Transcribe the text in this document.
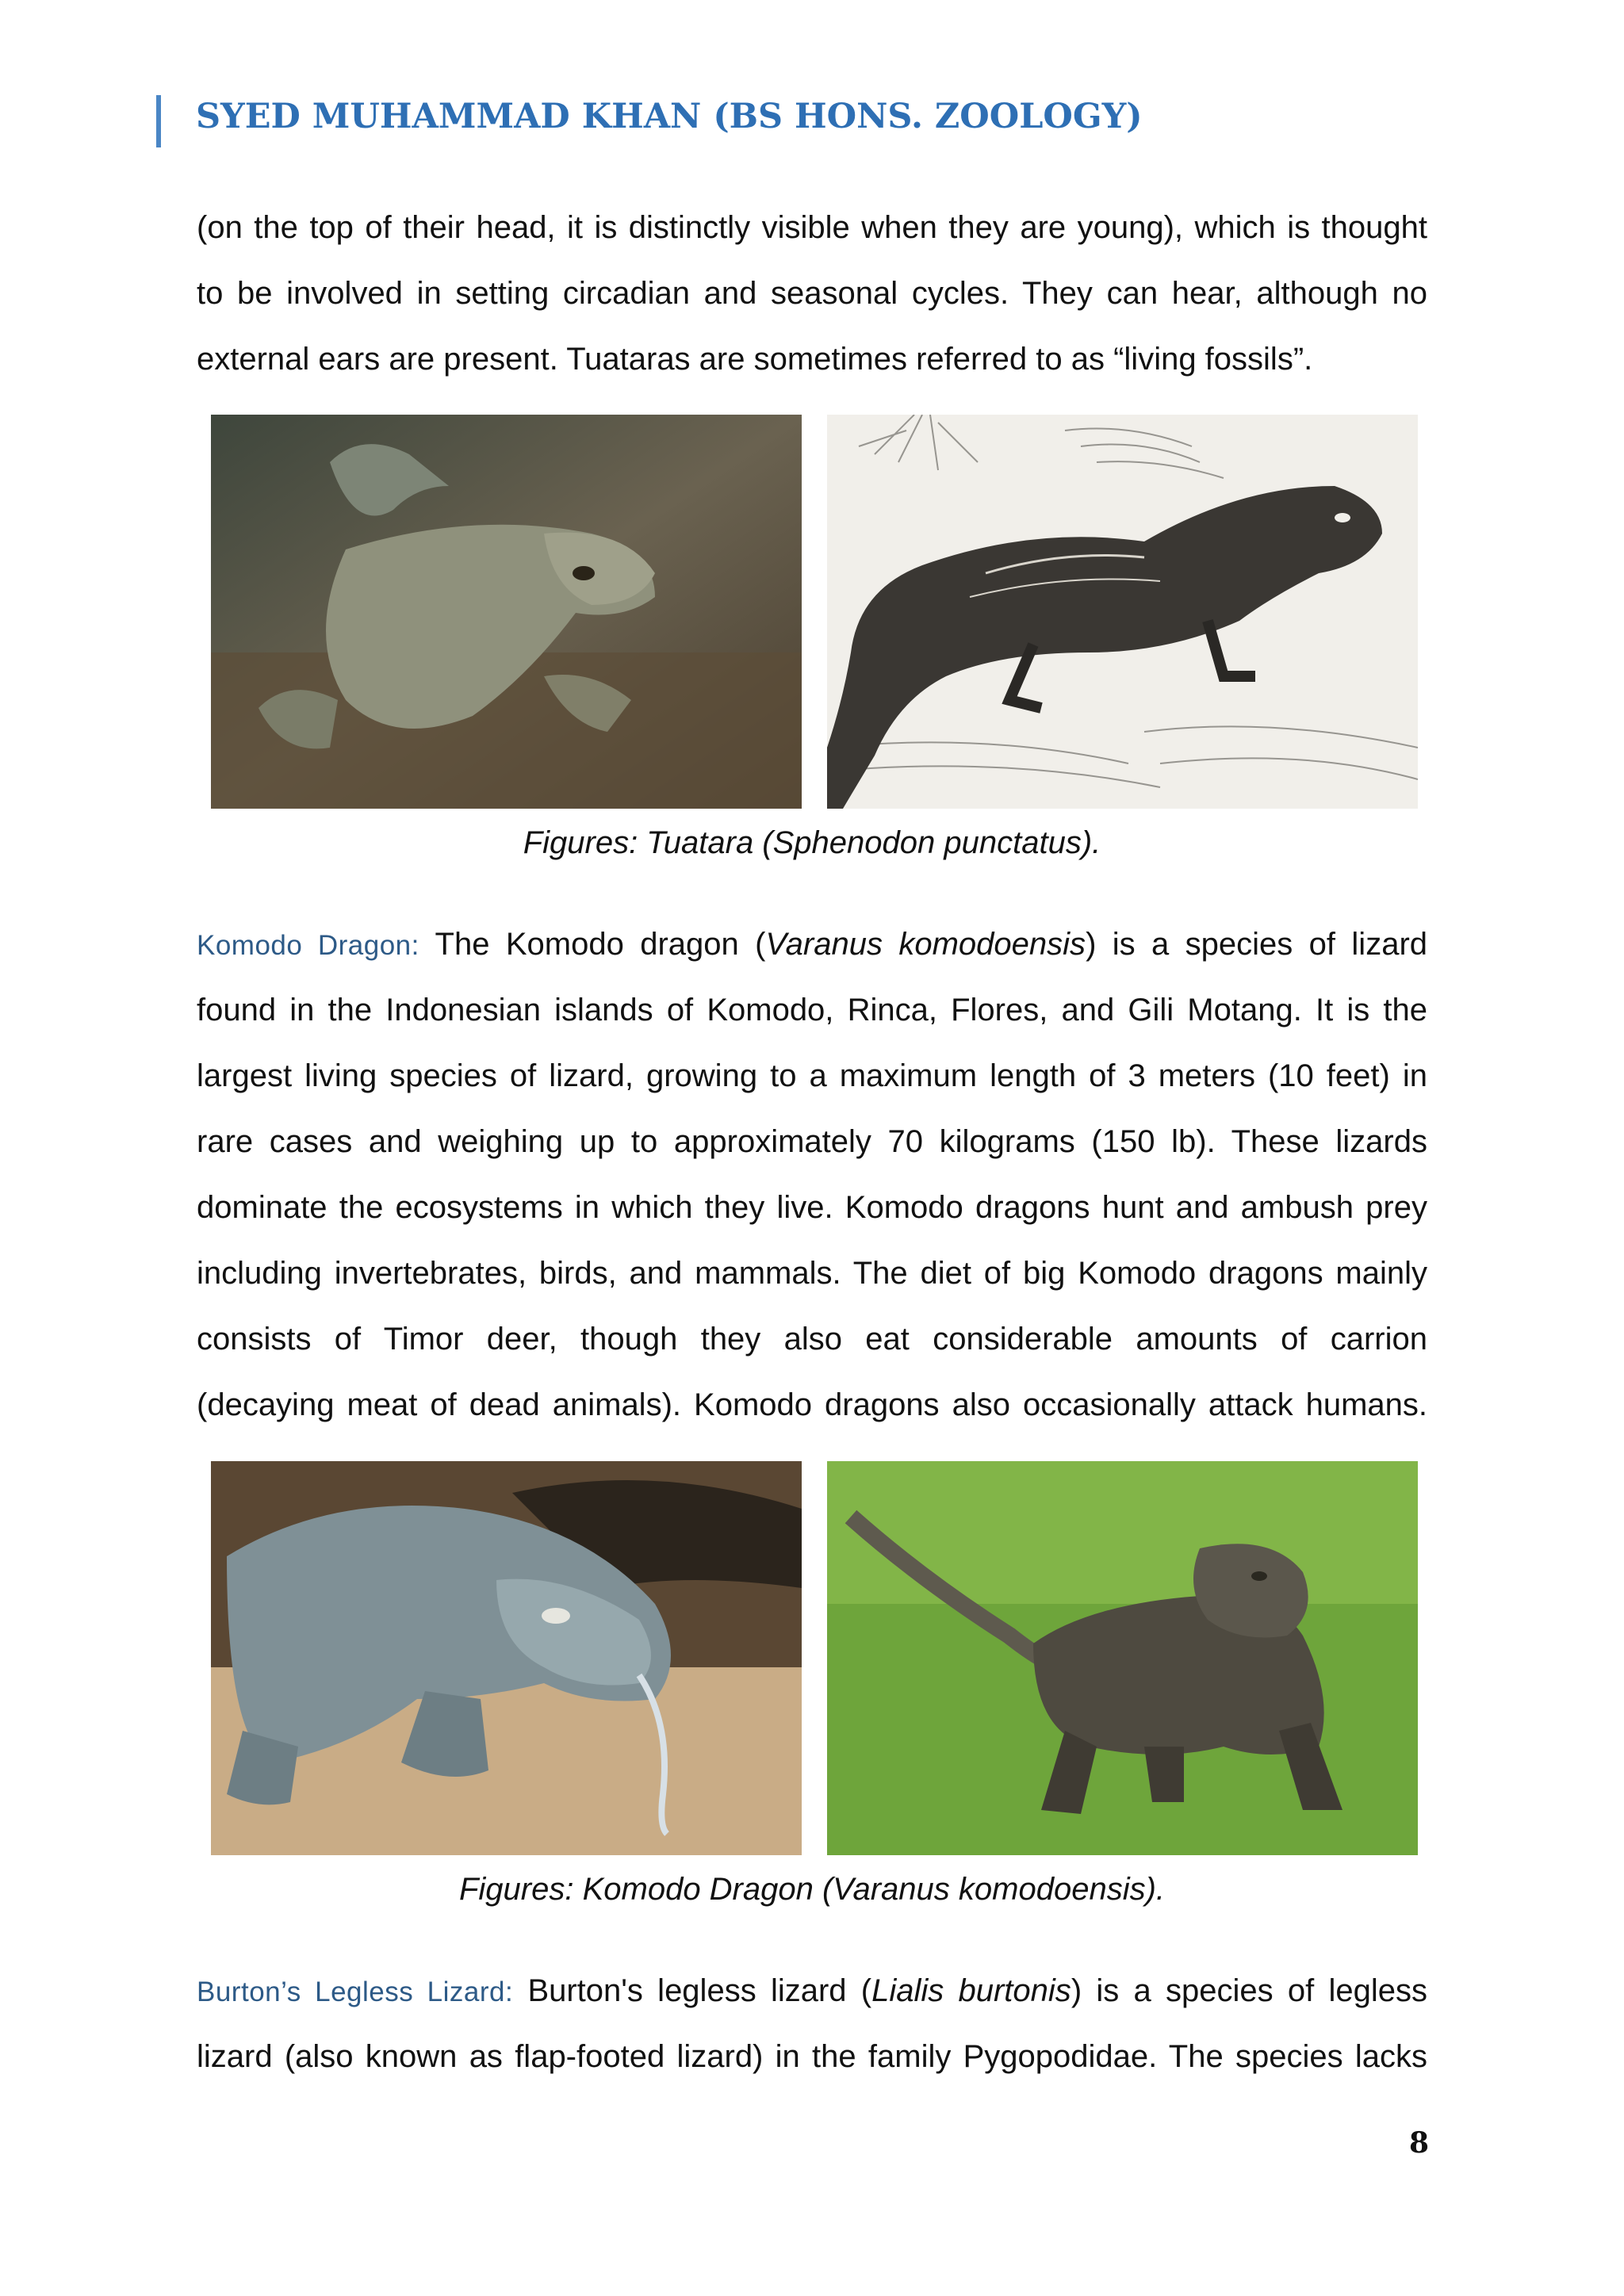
SYED MUHAMMAD KHAN (BS HONS. ZOOLOGY)
(on the top of their head, it is distinctly visible when they are young), which is thought
to be involved in setting circadian and seasonal cycles. They can hear, although no
external ears are present. Tuataras are sometimes referred to as “living fossils”.
Figures: Tuatara (Sphenodon punctatus).
Komodo Dragon: The Komodo dragon (Varanus komodoensis) is a species of lizard
found in the Indonesian islands of Komodo, Rinca, Flores, and Gili Motang. It is the
largest living species of lizard, growing to a maximum length of 3 meters (10 feet) in
rare cases and weighing up to approximately 70 kilograms (150 lb). These lizards
dominate the ecosystems in which they live. Komodo dragons hunt and ambush prey
including invertebrates, birds, and mammals. The diet of big Komodo dragons mainly
consists of Timor deer, though they also eat considerable amounts of carrion
(decaying meat of dead animals). Komodo dragons also occasionally attack humans.
Figures: Komodo Dragon (Varanus komodoensis).
Burton’s Legless Lizard: Burton's legless lizard (Lialis burtonis) is a species of legless
lizard (also known as flap-footed lizard) in the family Pygopodidae. The species lacks
8
